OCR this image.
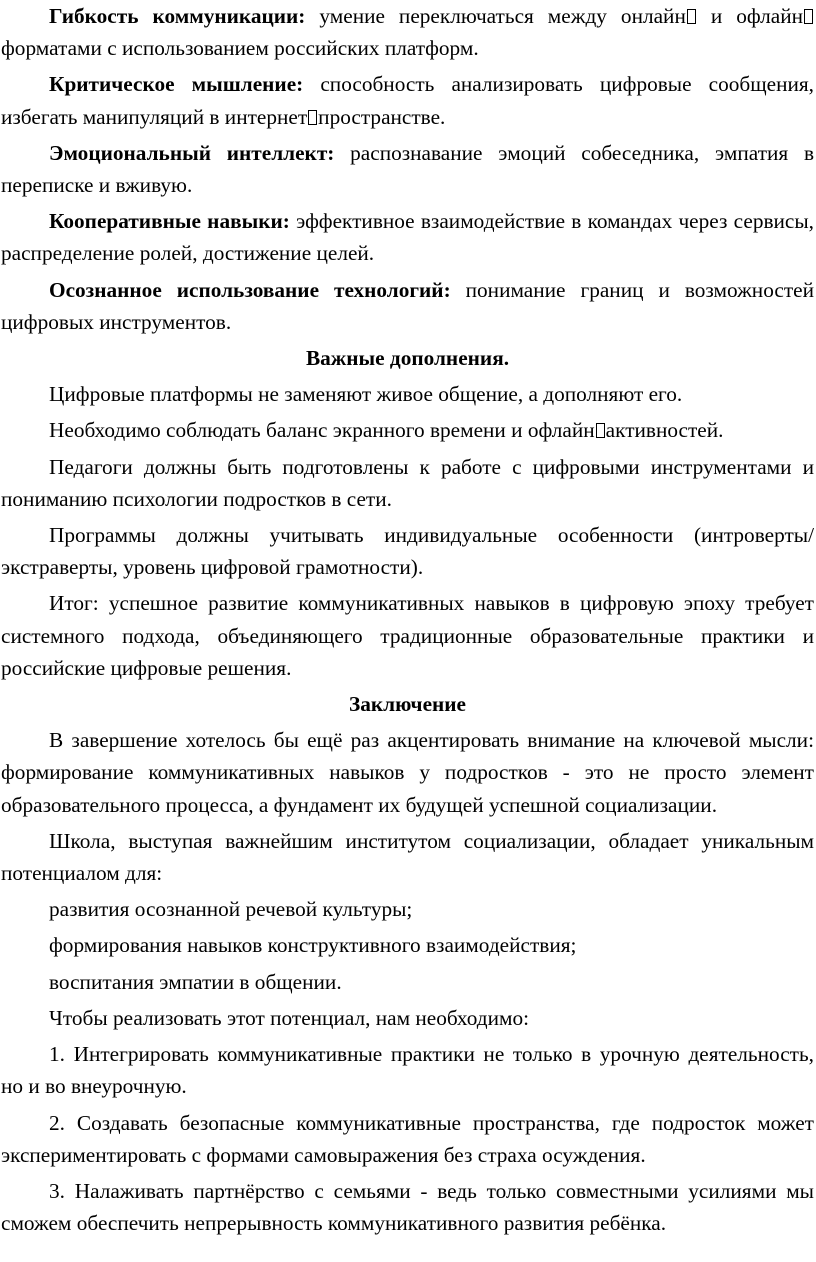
Гибкость коммуникации: умение переключаться между онлайн и офлайнформатами с использованием российских платформ.

Критическое мышление: способность анализировать цифровые сообщения, избегать манипуляций в интернет пространстве.

Эмоциональный интеллект: распознавание эмоций собеседника, эмпатия в переписке и вживую.

Кооперативные навыки: эффективное взаимодействие в командах через сервисы, распределение ролей, достижение целей.

Осознанное использование технологий: понимание границ и возможностей цифровых инструментов.

Важные дополнения.

Цифровые платформы не заменяют живое общение, а дополняют его.

Необходимо соблюдать баланс экранного времени и офлайн активностей.

Педагоги должны быть подготовлены к работе с цифровыми инструментами и пониманию психологии подростков в сети.

Программы должны учитывать индивидуальные особенности (интроверты/экстраверты, уровень цифровой грамотности).

Итог: успешное развитие коммуникативных навыков в цифровую эпоху требует системного подхода, объединяющего традиционные образовательные практики и российские цифровые решения.

Заключение

В завершение хотелось бы ещё раз акцентировать внимание на ключевой мысли: формирование коммуникативных навыков у подростков - это не просто элемент образовательного процесса, а фундамент их будущей успешной социализации.

Школа, выступая важнейшим институтом социализации, обладает уникальным потенциалом для:

развития осознанной речевой культуры;

формирования навыков конструктивного взаимодействия;

воспитания эмпатии в общении.

Чтобы реализовать этот потенциал, нам необходимо:

1. Интегрировать коммуникативные практики не только в урочную деятельность, но и во внеурочную.

2. Создавать безопасные коммуникативные пространства, где подросток может экспериментировать с формами самовыражения без страха осуждения.

3. Налаживать партнёрство с семьями - ведь только совместными усилиями мы сможем обеспечить непрерывность коммуникативного развития ребёнка.
